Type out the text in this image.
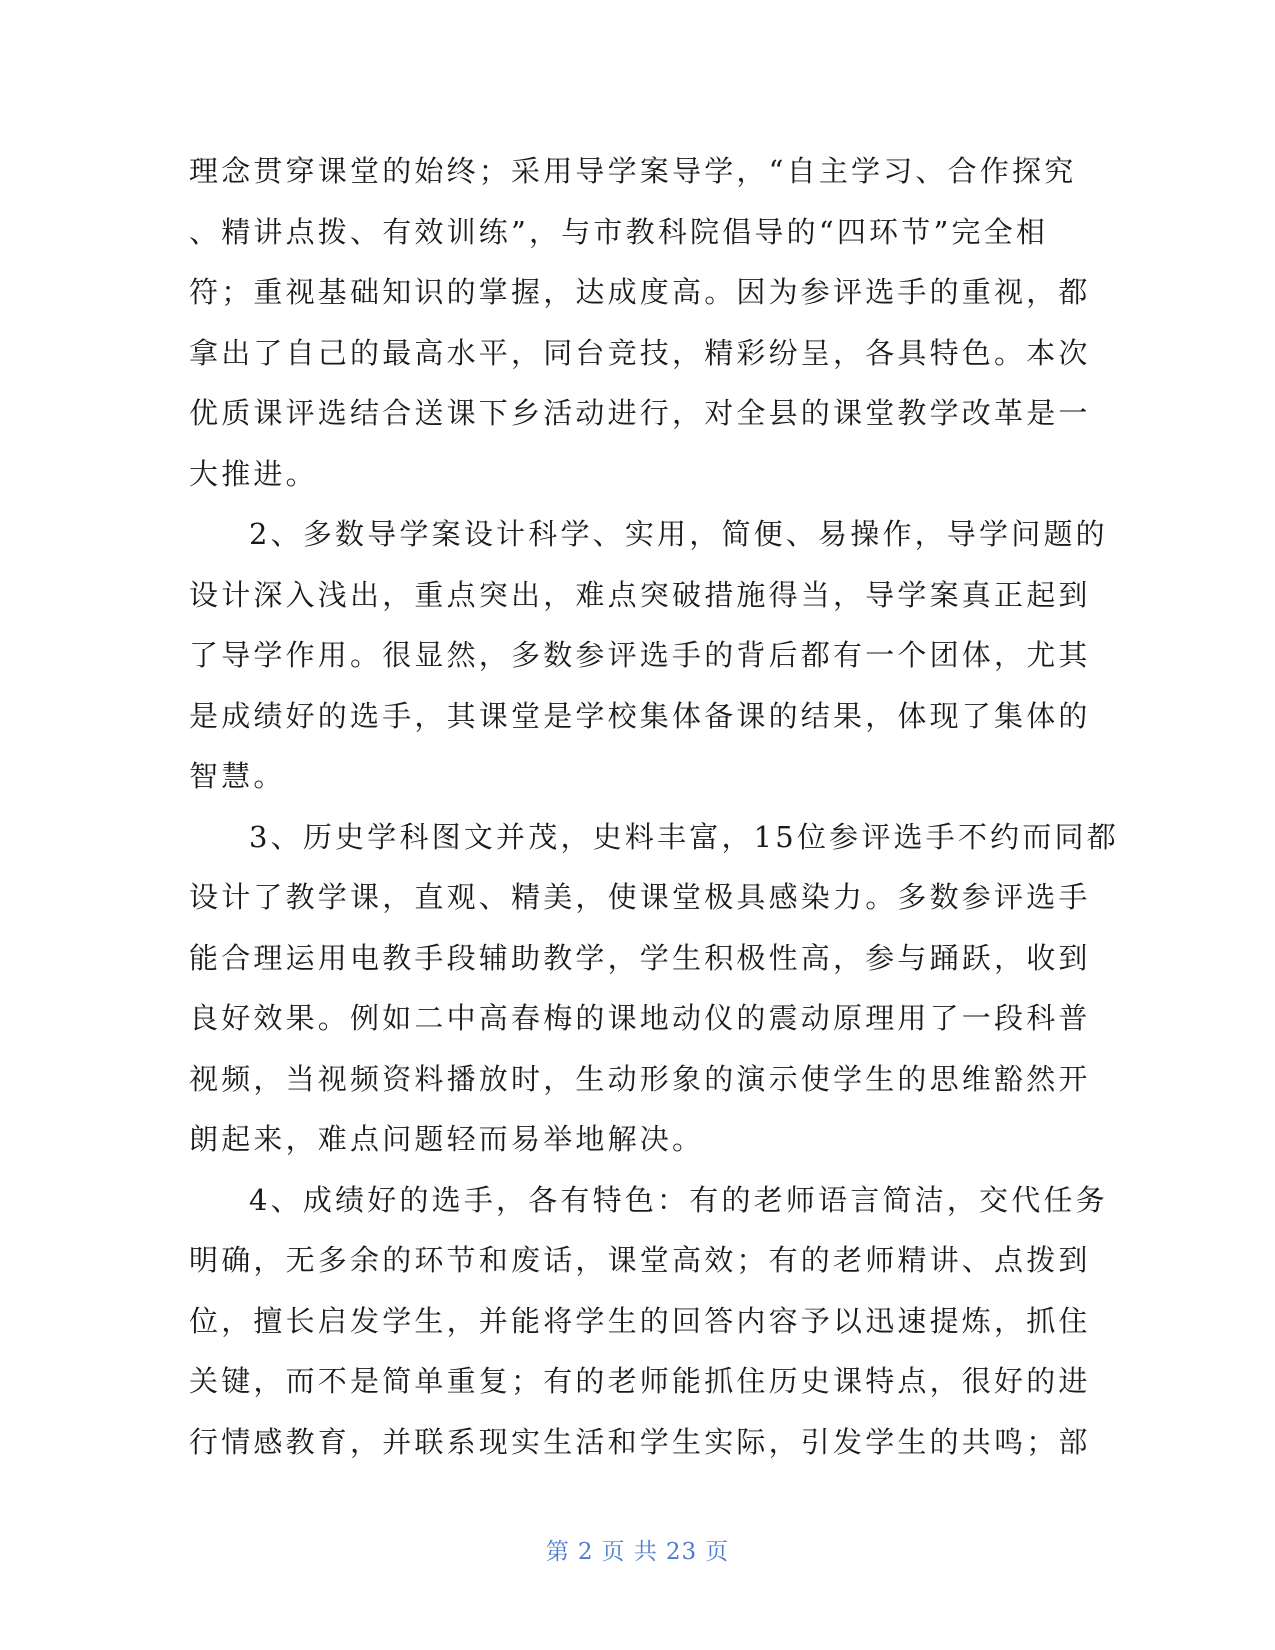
理念贯穿课堂的始终；采用导学案导学，“自主学习、合作探究
、精讲点拨、有效训练”，与市教科院倡导的“四环节”完全相
符；重视基础知识的掌握，达成度高。因为参评选手的重视，都
拿出了自己的最高水平，同台竞技，精彩纷呈，各具特色。本次
优质课评选结合送课下乡活动进行，对全县的课堂教学改革是一
大推进。
2、多数导学案设计科学、实用，简便、易操作，导学问题的
设计深入浅出，重点突出，难点突破措施得当，导学案真正起到
了导学作用。很显然，多数参评选手的背后都有一个团体，尤其
是成绩好的选手，其课堂是学校集体备课的结果，体现了集体的
智慧。
3、历史学科图文并茂，史料丰富，15位参评选手不约而同都
设计了教学课，直观、精美，使课堂极具感染力。多数参评选手
能合理运用电教手段辅助教学，学生积极性高，参与踊跃，收到
良好效果。例如二中高春梅的课地动仪的震动原理用了一段科普
视频，当视频资料播放时，生动形象的演示使学生的思维豁然开
朗起来，难点问题轻而易举地解决。
4、成绩好的选手，各有特色：有的老师语言简洁，交代任务
明确，无多余的环节和废话，课堂高效；有的老师精讲、点拨到
位，擅长启发学生，并能将学生的回答内容予以迅速提炼，抓住
关键，而不是简单重复；有的老师能抓住历史课特点，很好的进
行情感教育，并联系现实生活和学生实际，引发学生的共鸣；部
第 2 页 共 23 页
